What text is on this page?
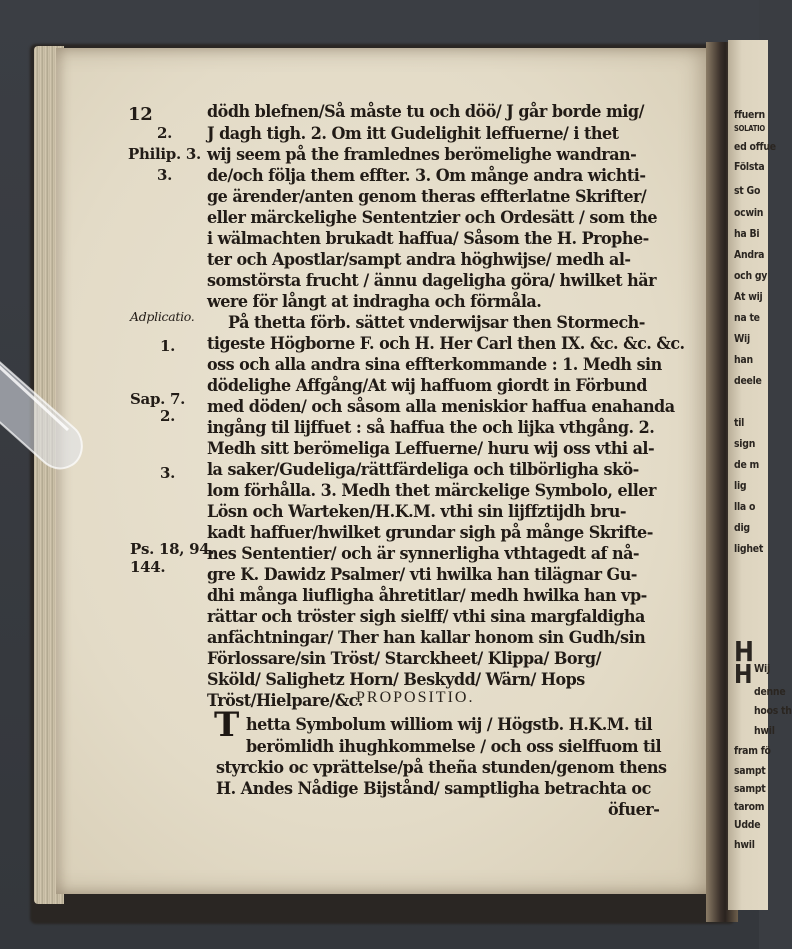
ffuern
SOLATIO
ed offue
Fölsta
st Go
ocwin
ha Bi
Andra
och gy
At wij
na te
Wij
han
deele
til
sign
de m
lig
lla o
dig
lighet
H
H Wij
denne
hoos th
hwil
fram fö
sampt
sampt
tarom
Udde
hwil
12
2.
Philip. 3.
3.
Adplicatio.
1.
Sap. 7.
2.
3.
Ps. 18, 94.
144.
dödh blefnen/Så måste tu och döö/ J går borde mig/
J dagh tigh. 2. Om itt Gudelighit leffuerne/ i thet
wij seem på the framlednes berömelighe wandran-
de/och följa them effter. 3. Om månge andra wichti-
ge ärender/anten genom theras effterlatne Skrifter/
eller märckelighe Sententzier och Ordesätt / som the
i wälmachten brukadt haffua/ Såsom the H. Prophe-
ter och Apostlar/sampt andra höghwijse/ medh al-
somstörsta frucht / ännu dageligha göra/ hwilket här
were för långt at indragha och förmåla.
På thetta förb. sättet vnderwijsar then Stormech-
tigeste Högborne F. och H. Her Carl then IX. &c. &c. &c.
oss och alla andra sina effterkommande : 1. Medh sin
dödelighe Affgång/At wij haffuom giordt in Förbund
med döden/ och såsom alla meniskior haffua enahanda
ingång til lijffuet : så haffua the och lijka vthgång. 2.
Medh sitt berömeliga Leffuerne/ huru wij oss vthi al-
la saker/Gudeliga/rättfärdeliga och tilbörligha skö-
lom förhålla. 3. Medh thet märckelige Symbolo, eller
Lösn och Warteken/H.K.M. vthi sin lijffztijdh bru-
kadt haffuer/hwilket grundar sigh på månge Skrifte-
nes Sententier/ och är synnerligha vthtagedt af nå-
gre K. Dawidz Psalmer/ vti hwilka han tilägnar Gu-
dhi många liufligha åhretitlar/ medh hwilka han vp-
rättar och tröster sigh sielff/ vthi sina margfaldigha
anfächtningar/ Ther han kallar honom sin Gudh/sin
Förlossare/sin Tröst/ Starckheet/ Klippa/ Borg/
Sköld/ Salighetz Horn/ Beskydd/ Wärn/ Hops
Tröst/Hielpare/&c.
PROPOSITIO.
T hetta Symbolum williom wij / Högstb. H.K.M. til
berömlidh ihughkommelse / och oss sielffuom til
styrckio oc vprättelse/på theña stunden/genom thens
H. Andes Nådige Bijstånd/ samptligha betrachta oc
öfuer-
